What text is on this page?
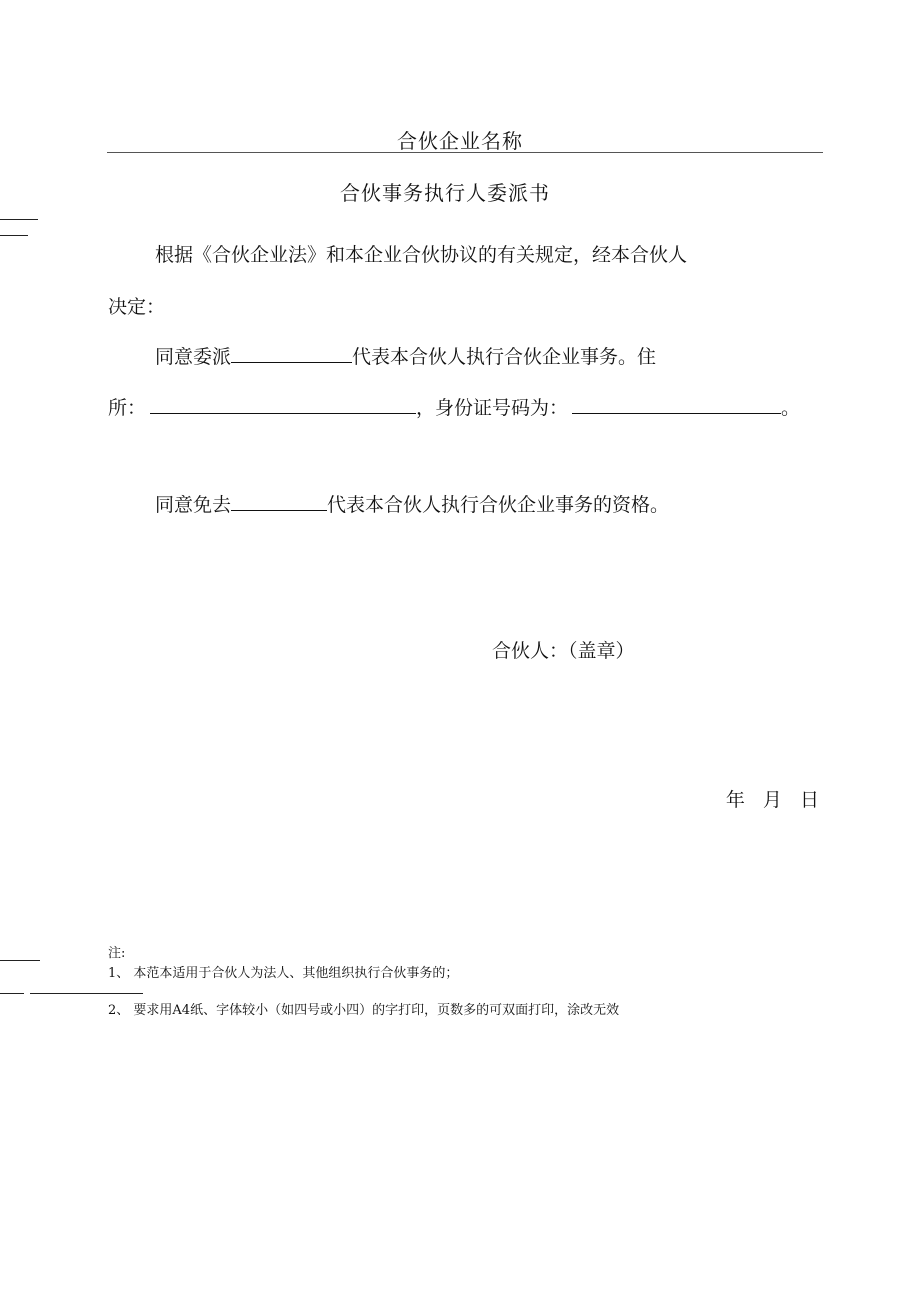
合伙企业名称
合伙事务执行人委派书
根据《合伙企业法》和本企业合伙协议的有关规定，经本合伙人
决定：
同意委派	代表本合伙人执行合伙企业事务。住
所：	，身份证号码为：	。
同意免去	代表本合伙人执行合伙企业事务的资格。
合伙人：（盖章）
年  月  日
注:
1、 本范本适用于合伙人为法人、其他组织执行合伙事务的；
2、 要求用A4纸、字体较小（如四号或小四）的字打印，页数多的可双面打印，涂改无效
